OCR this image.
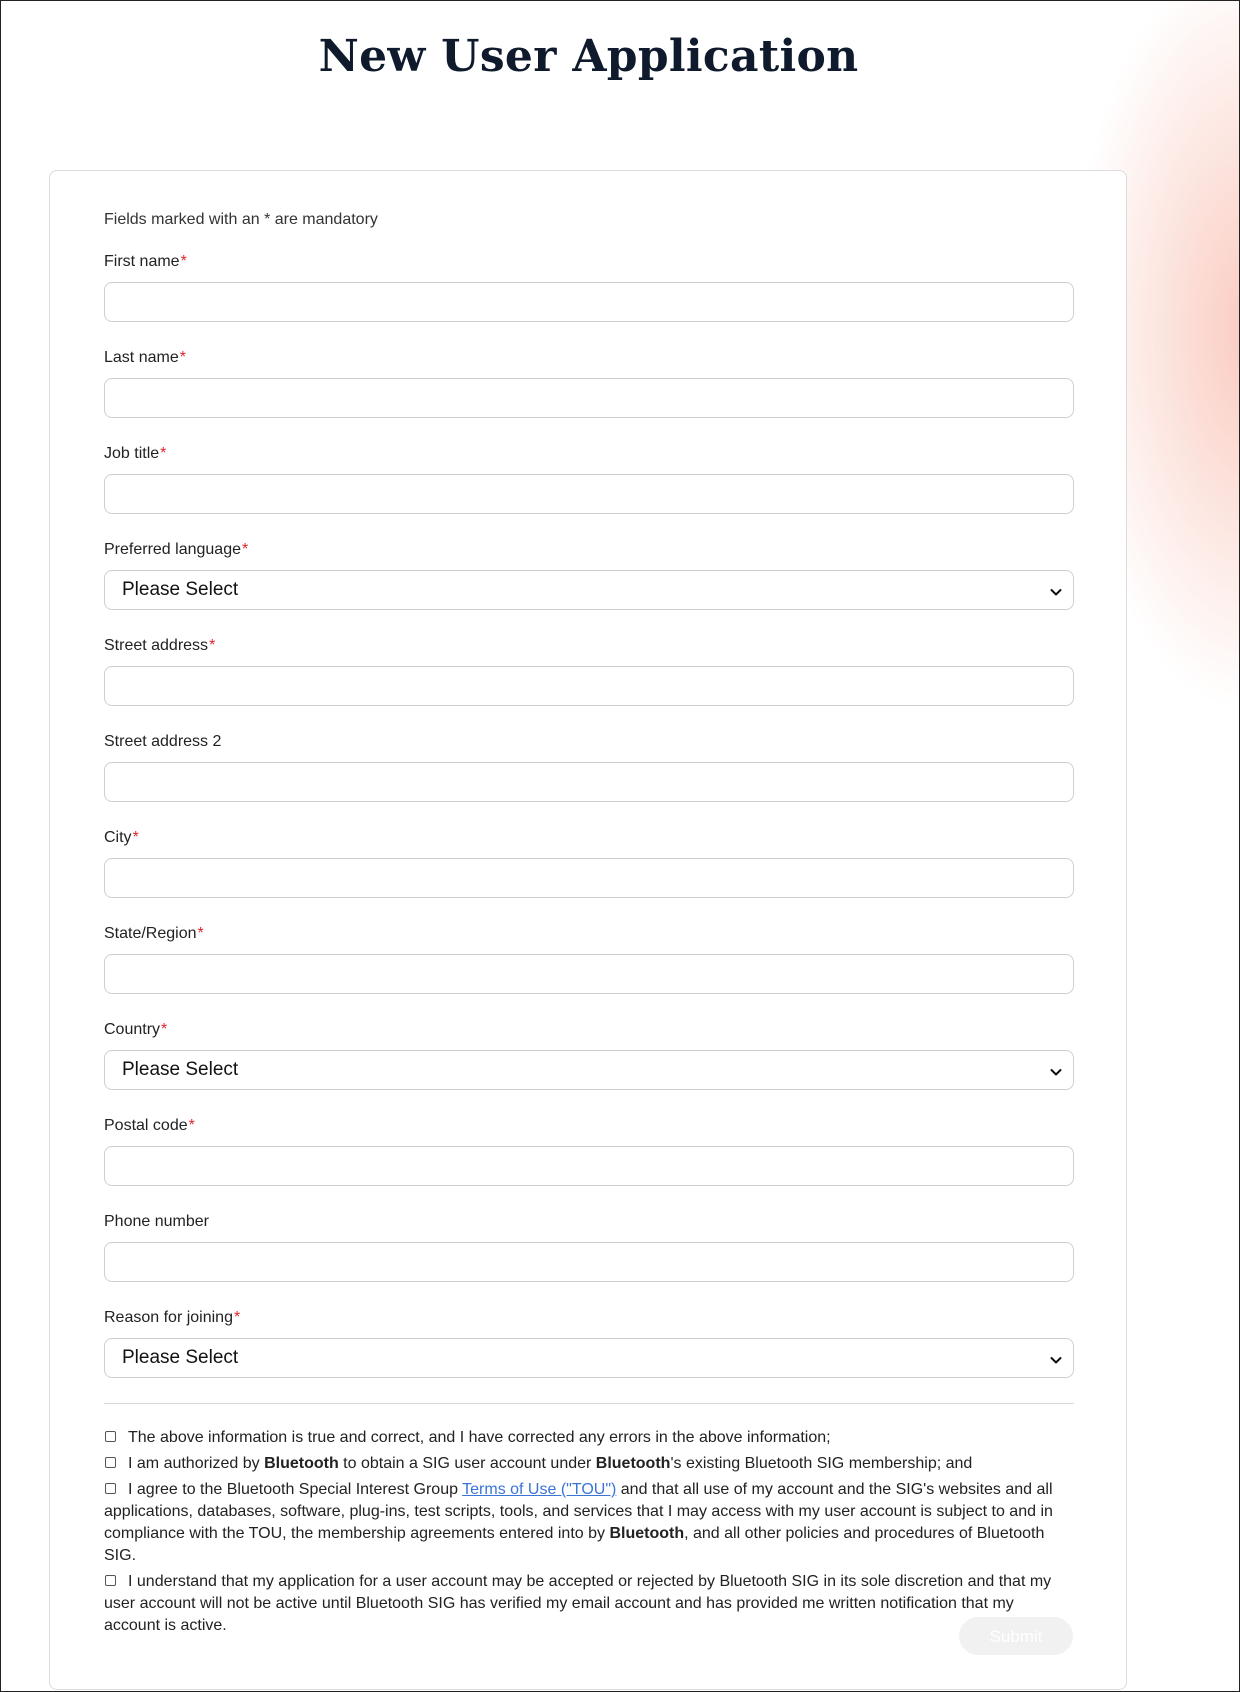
New User Application

Fields marked with an * are mandatory

First name*
Last name*
Job title*
Preferred language*
Please Select
Street address*
Street address 2
City*
State/Region*
Country*
Please Select
Postal code*
Phone number
Reason for joining*
Please Select
The above information is true and correct, and I have corrected any errors in the above information;
I am authorized by Bluetooth to obtain a SIG user account under Bluetooth's existing Bluetooth SIG membership; and
I agree to the Bluetooth Special Interest Group Terms of Use ("TOU") and that all use of my account and the SIG's websites and all applications, databases, software, plug-ins, test scripts, tools, and services that I may access with my user account is subject to and in compliance with the TOU, the membership agreements entered into by Bluetooth, and all other policies and procedures of Bluetooth SIG.
I understand that my application for a user account may be accepted or rejected by Bluetooth SIG in its sole discretion and that my user account will not be active until Bluetooth SIG has verified my email account and has provided me written notification that my account is active.
Submit
